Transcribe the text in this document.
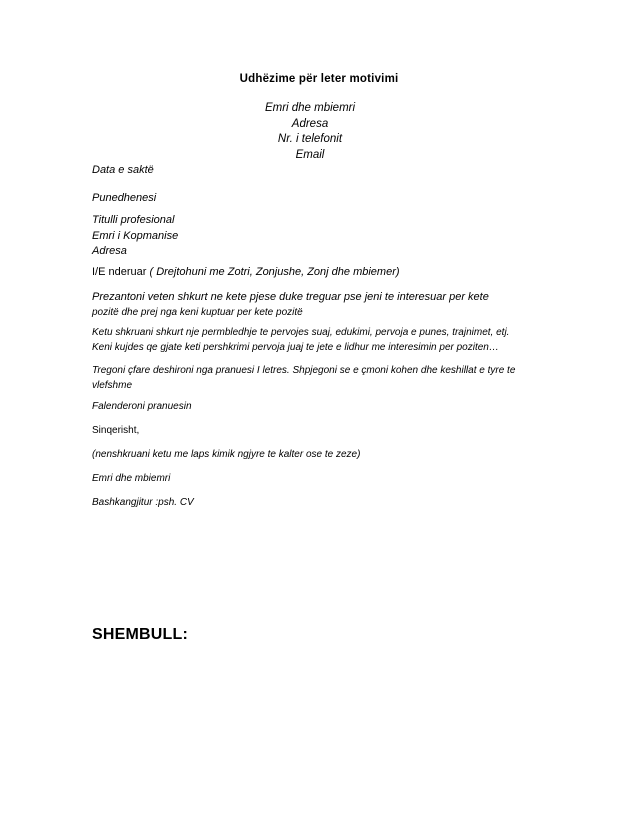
Udhëzime për leter motivimi
Emri dhe mbiemri
Adresa
Nr. i telefonit
Email
Data e saktë
Punedhenesi
Titulli profesional
Emri i Kopmanise
Adresa
I/E nderuar ( Drejtohuni me Zotri, Zonjushe, Zonj dhe mbiemer)
Prezantoni veten shkurt ne kete pjese duke treguar pse jeni te interesuar per kete
pozitë dhe prej nga keni kuptuar per kete pozitë
Ketu shkruani shkurt nje permbledhje te pervojes suaj, edukimi, pervoja e punes, trajnimet, etj.
Keni kujdes qe gjate keti pershkrimi pervoja juaj te jete e lidhur me interesimin per poziten…
Tregoni çfare deshironi nga pranuesi I letres. Shpjegoni se e çmoni kohen dhe keshillat e tyre te
vlefshme
Falenderoni pranuesin
Sinqerisht,
(nenshkruani ketu me laps kimik ngjyre te kalter ose te zeze)
Emri dhe mbiemri
Bashkangjitur :psh. CV
SHEMBULL:
